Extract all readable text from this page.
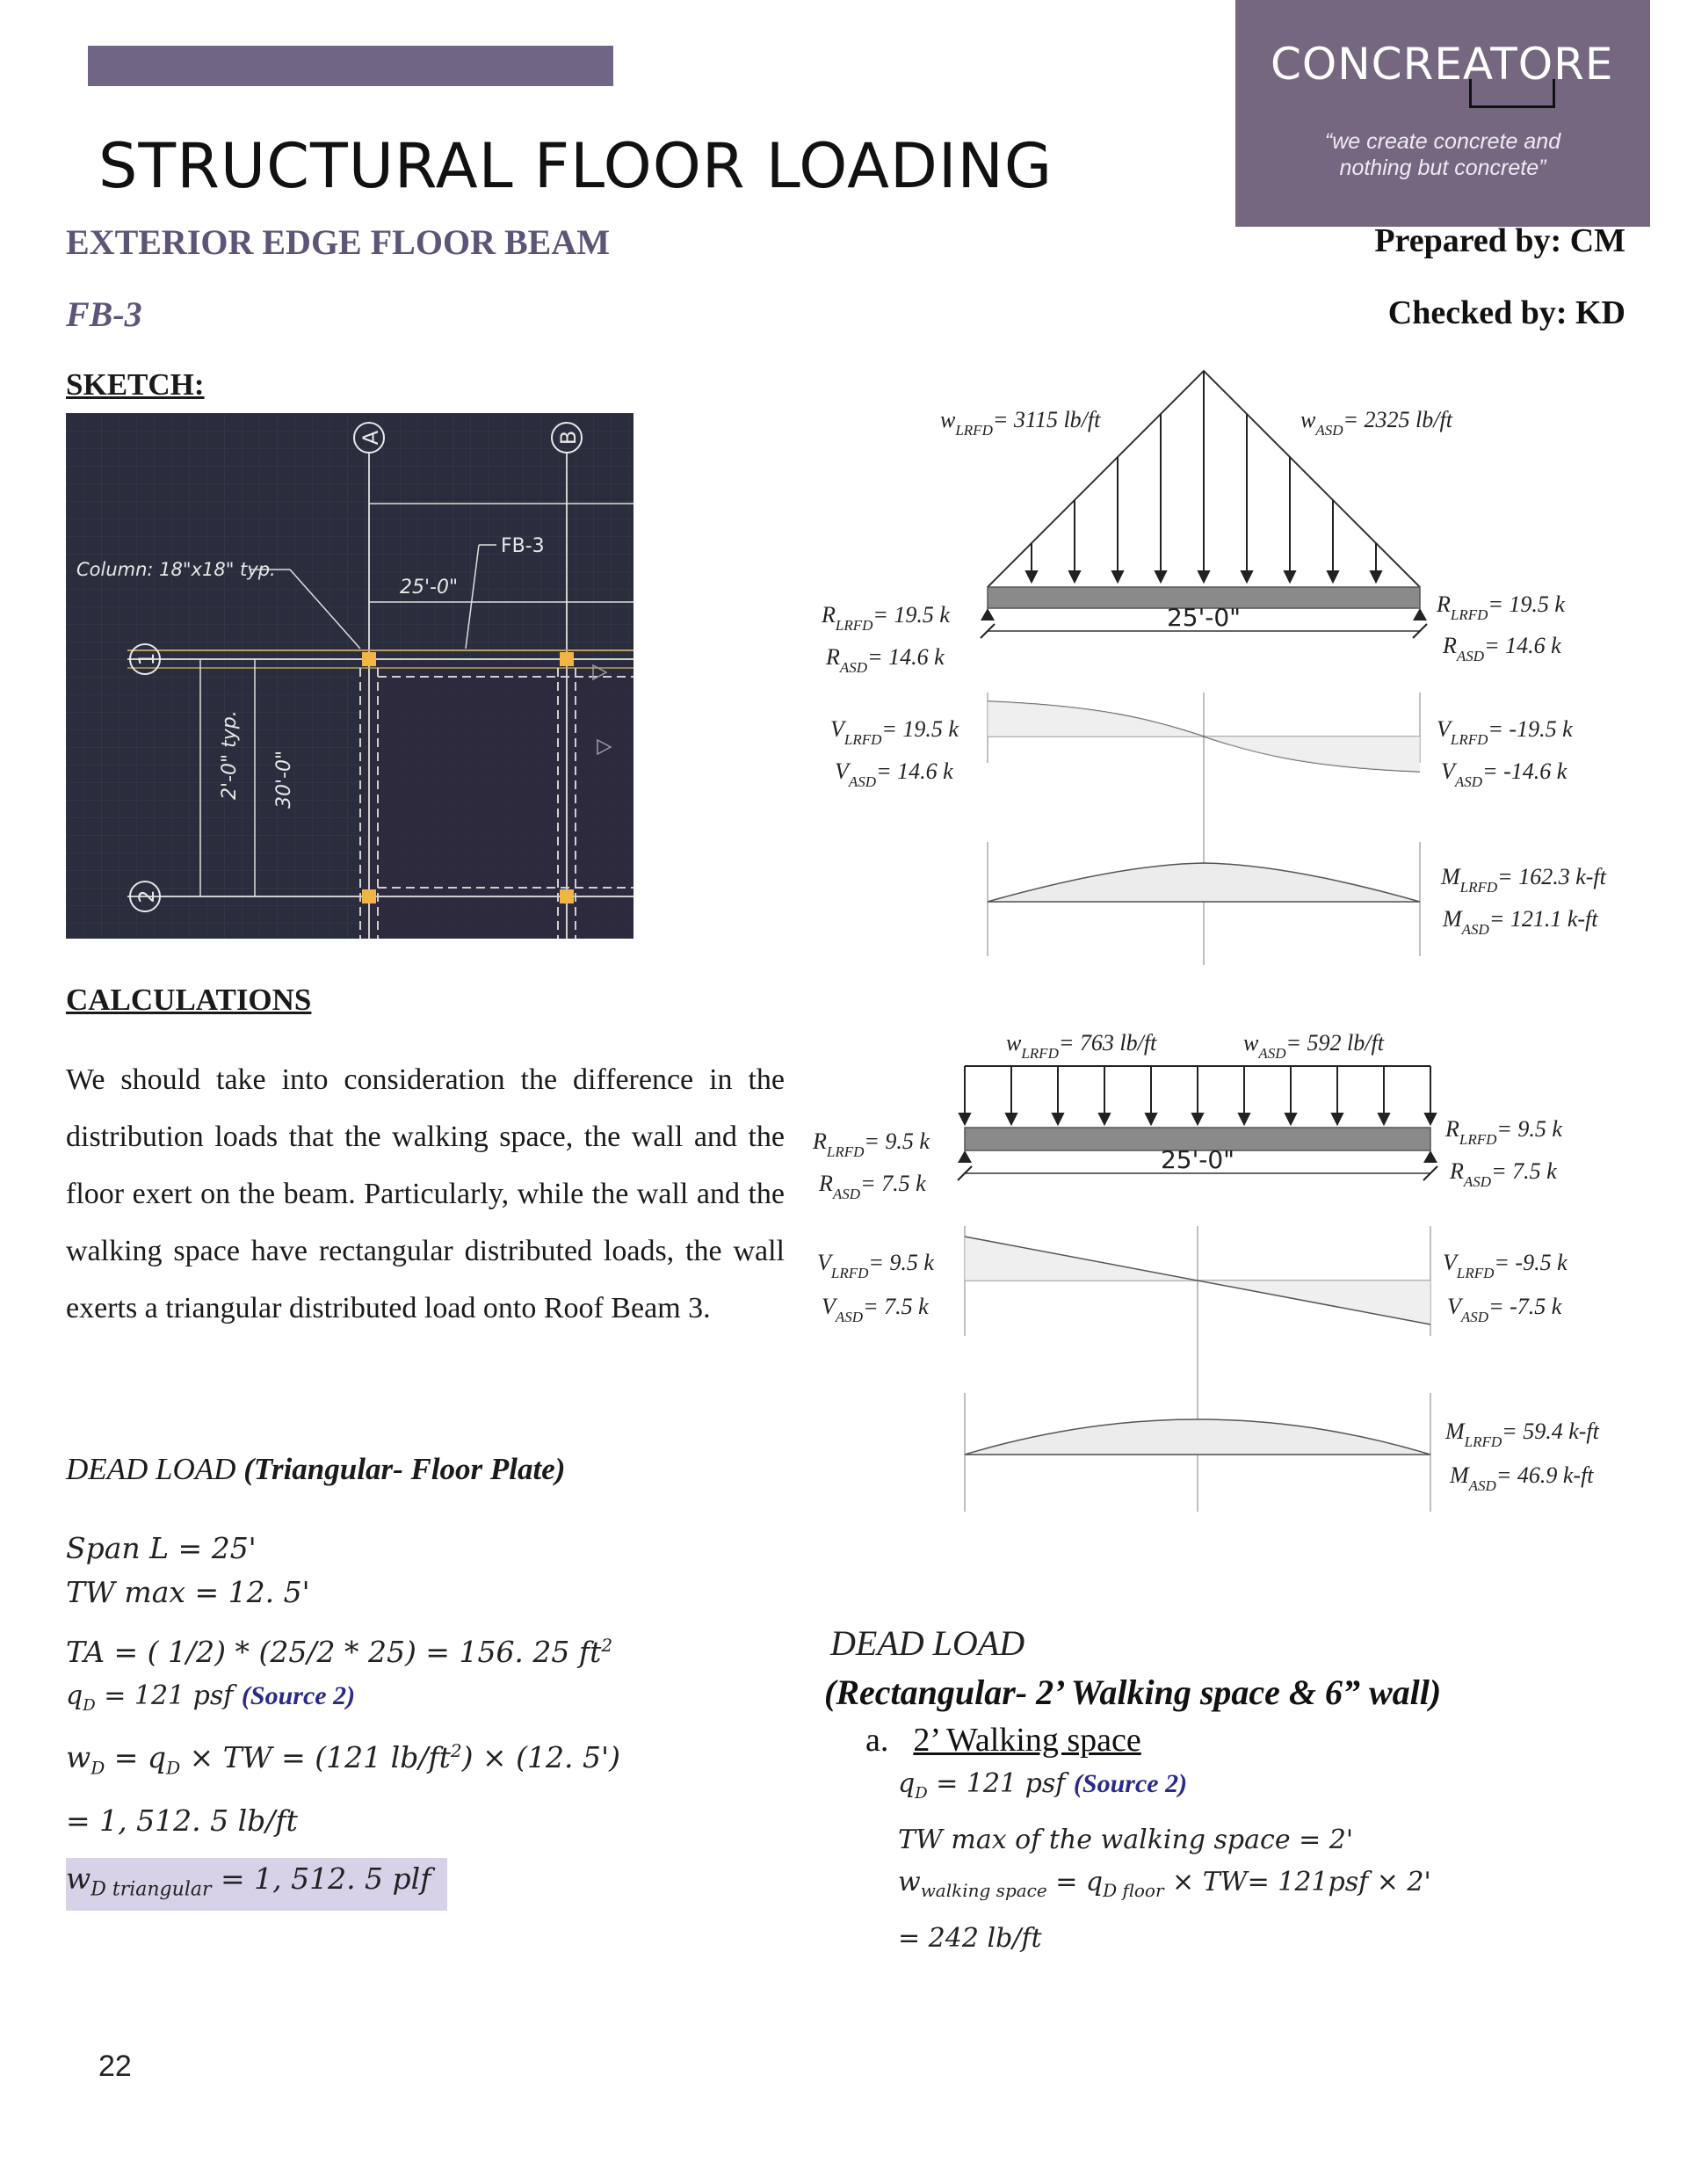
STRUCTURAL FLOOR LOADING
CONCREATORE
“we create concrete and
nothing but concrete”
EXTERIOR EDGE FLOOR BEAM
FB-3
Prepared by: CM
Checked by: KD
SKETCH:
A	B
1
2
2'-0" typ. 30'-0"
25'-0"
FB-3
Column: 18"x18" typ.
25'-0"
$w_{LRFD}= 3115$ lb/ft	$w_{ASD}= 2325$ lb/ft
$R_{LRFD}= 19.5$ k
$R_{ASD}= 14.6$ k
$R_{LRFD}= 19.5$ k
$R_{ASD}= 14.6$ k
$V_{LRFD}= 19.5$ k
$V_{ASD}= 14.6$ k
$V_{LRFD}= -19.5$ k
$V_{ASD}= -14.6$ k
$M_{LRFD}= 162.3$ k-ft
$M_{ASD}= 121.1$ k-ft
CALCULATIONS
We should take into consideration the difference in the distribution loads that the walking space, the wall and the floor exert on the beam. Particularly, while the wall and the walking space have rectangular distributed loads, the wall exerts a triangular distributed load onto Roof Beam 3.
25'-0"
$w_{LRFD}= 763$ lb/ft	$w_{ASD}= 592$ lb/ft
$R_{LRFD}= 9.5$ k
$R_{ASD}= 7.5$ k
$R_{LRFD}= 9.5$ k
$R_{ASD}= 7.5$ k
$V_{LRFD}= 9.5$ k
$V_{ASD}= 7.5$ k
$V_{LRFD}= -9.5$ k
$V_{ASD}= -7.5$ k
$M_{LRFD}= 59.4$ k-ft
$M_{ASD}= 46.9$ k-ft
DEAD LOAD (Triangular- Floor Plate)
Span L = 25'
TW max = 12. 5'
TA = ( 1/2) * (25/2 * 25) = 156. 25 $ft^2$
$q_D = 121$ psf (Source 2)
$w_D = q_D$ × TW = (121 $lb/ft^2) \times (12$. 5')
= 1, 512. 5 lb/ft
$w_{D triangular} = 1$, 512. 5 plf
DEAD LOAD
(Rectangular- 2’ Walking space & 6” wall)
a. 2’ Walking space
$q_D = 121$ psf (Source 2)
TW max of the walking space = 2'
$w_{walking space} = q_{D floor} \times TW= 121psf \times 2'$
= 242 lb/ft
22
